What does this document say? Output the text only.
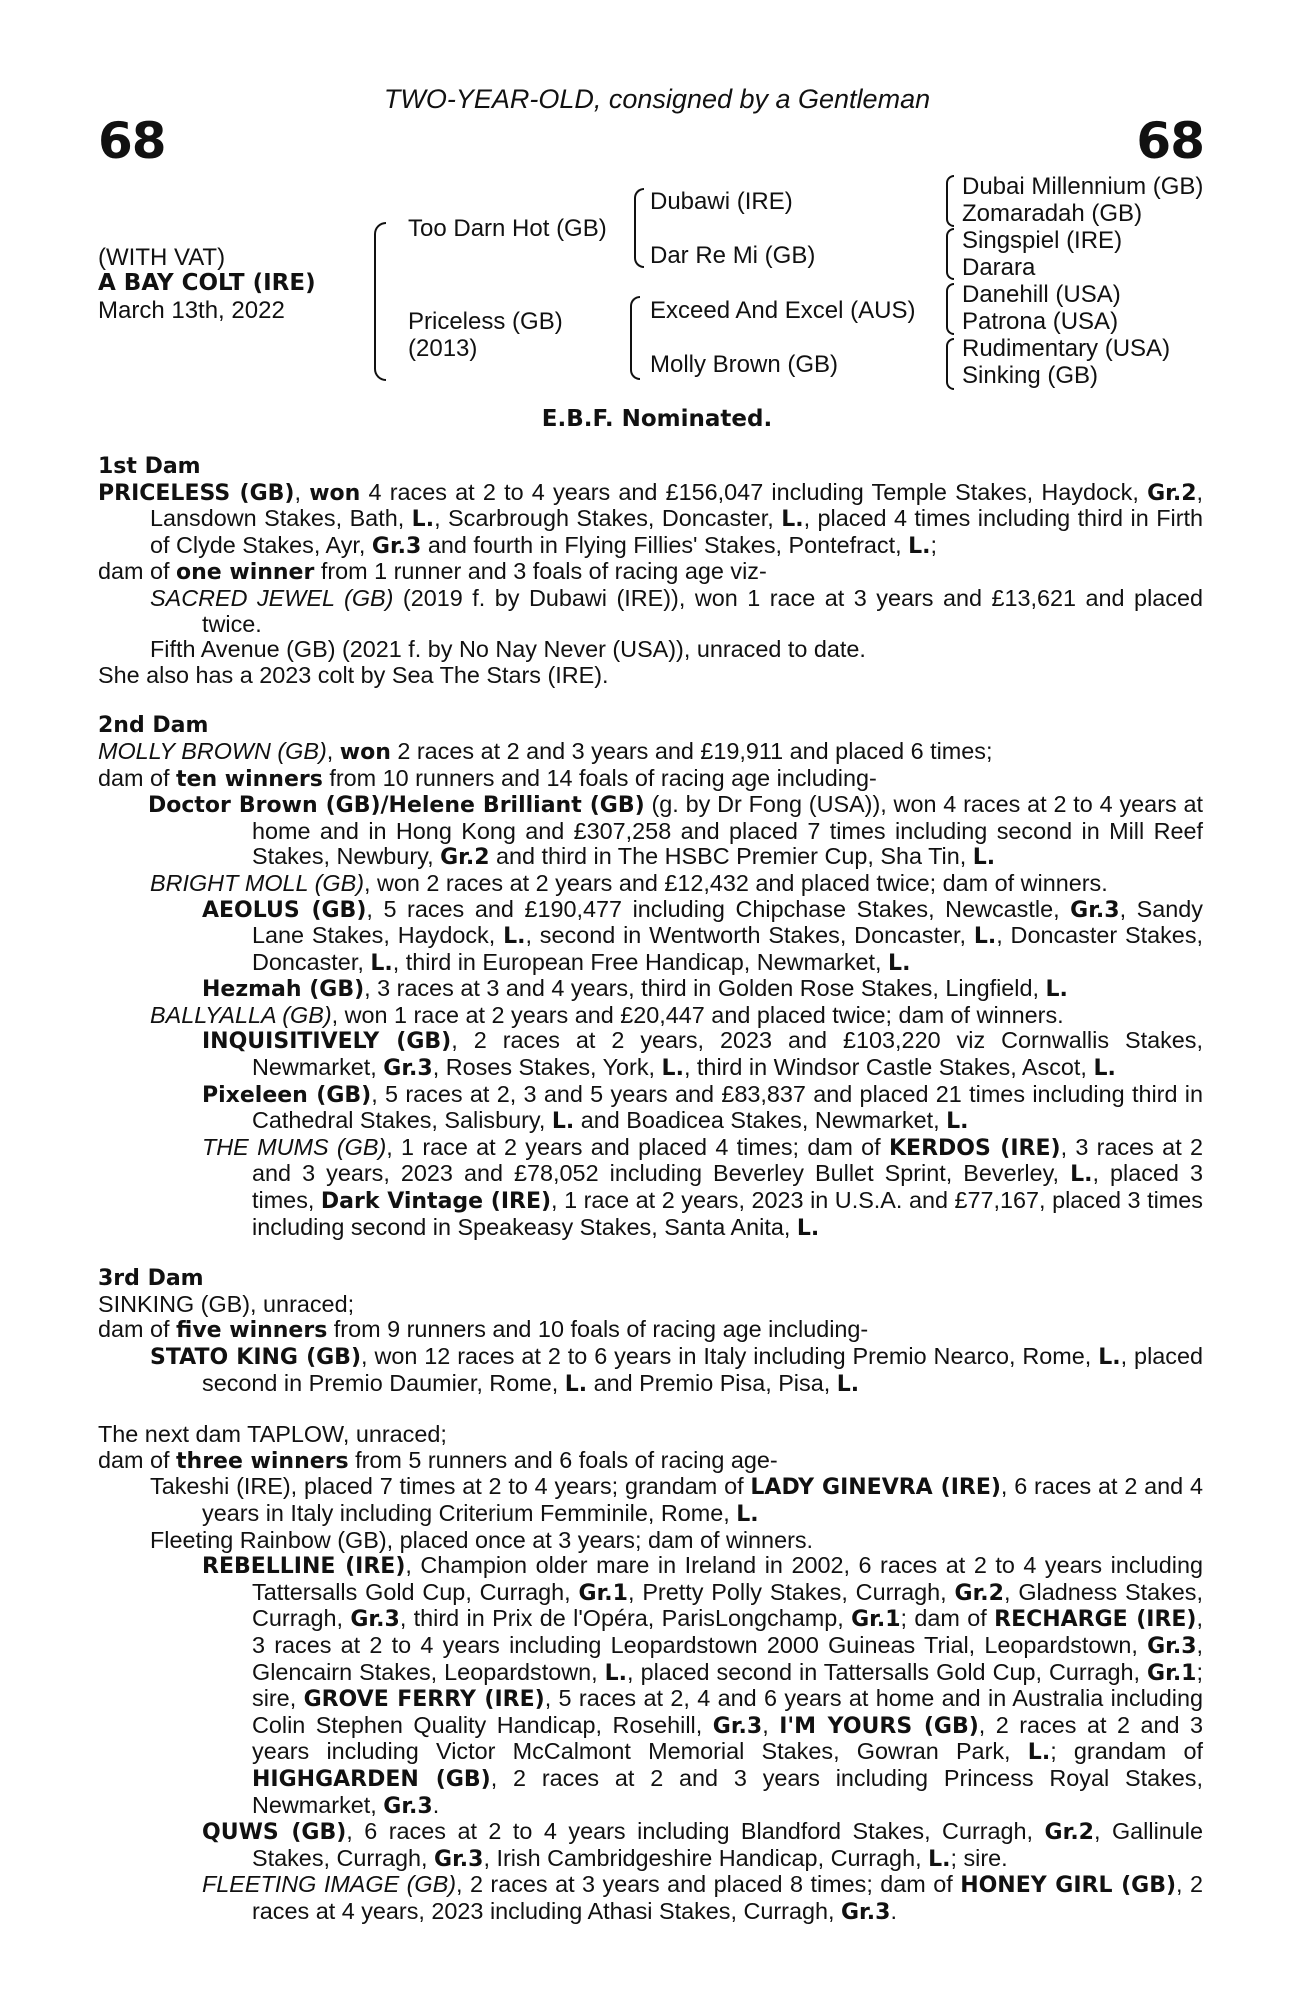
TWO-YEAR-OLD, consigned by a Gentleman
68	68
(WITH VAT)
A BAY COLT (IRE)
March 13th, 2022
Too Darn Hot (GB)
Priceless (GB)
(2013)
Dubawi (IRE)
Dar Re Mi (GB)
Exceed And Excel (AUS)
Molly Brown (GB)
Dubai Millennium (GB)
Zomaradah (GB)
Singspiel (IRE)
Darara
Danehill (USA)
Patrona (USA)
Rudimentary (USA)
Sinking (GB)
E.B.F. Nominated.

1st Dam

PRICELESS (GB), won 4 races at 2 to 4 years and £156,047 including Temple Stakes, Haydock, Gr.2, Lansdown Stakes, Bath, L., Scarbrough Stakes, Doncaster, L., placed 4 times including third in Firth of Clyde Stakes, Ayr, Gr.3 and fourth in Flying Fillies' Stakes, Pontefract, L.;

dam of one winner from 1 runner and 3 foals of racing age viz-

SACRED JEWEL (GB) (2019 f. by Dubawi (IRE)), won 1 race at 3 years and £13,621 and placed twice.

Fifth Avenue (GB) (2021 f. by No Nay Never (USA)), unraced to date.

She also has a 2023 colt by Sea The Stars (IRE).

2nd Dam

MOLLY BROWN (GB), won 2 races at 2 and 3 years and £19,911 and placed 6 times;

dam of ten winners from 10 runners and 14 foals of racing age including-

Doctor Brown (GB)/Helene Brilliant (GB) (g. by Dr Fong (USA)), won 4 races at 2 to 4 years at home and in Hong Kong and £307,258 and placed 7 times including second in Mill Reef Stakes, Newbury, Gr.2 and third in The HSBC Premier Cup, Sha Tin, L.

BRIGHT MOLL (GB), won 2 races at 2 years and £12,432 and placed twice; dam of winners.

AEOLUS (GB), 5 races and £190,477 including Chipchase Stakes, Newcastle, Gr.3, Sandy Lane Stakes, Haydock, L., second in Wentworth Stakes, Doncaster, L., Doncaster Stakes, Doncaster, L., third in European Free Handicap, Newmarket, L.

Hezmah (GB), 3 races at 3 and 4 years, third in Golden Rose Stakes, Lingfield, L.

BALLYALLA (GB), won 1 race at 2 years and £20,447 and placed twice; dam of winners.

INQUISITIVELY (GB), 2 races at 2 years, 2023 and £103,220 viz Cornwallis Stakes, Newmarket, Gr.3, Roses Stakes, York, L., third in Windsor Castle Stakes, Ascot, L.

Pixeleen (GB), 5 races at 2, 3 and 5 years and £83,837 and placed 21 times including third in Cathedral Stakes, Salisbury, L. and Boadicea Stakes, Newmarket, L.

THE MUMS (GB), 1 race at 2 years and placed 4 times; dam of KERDOS (IRE), 3 races at 2 and 3 years, 2023 and £78,052 including Beverley Bullet Sprint, Beverley, L., placed 3 times, Dark Vintage (IRE), 1 race at 2 years, 2023 in U.S.A. and £77,167, placed 3 times including second in Speakeasy Stakes, Santa Anita, L.

3rd Dam

SINKING (GB), unraced;

dam of five winners from 9 runners and 10 foals of racing age including-

STATO KING (GB), won 12 races at 2 to 6 years in Italy including Premio Nearco, Rome, L., placed second in Premio Daumier, Rome, L. and Premio Pisa, Pisa, L.

The next dam TAPLOW, unraced;

dam of three winners from 5 runners and 6 foals of racing age-

Takeshi (IRE), placed 7 times at 2 to 4 years; grandam of LADY GINEVRA (IRE), 6 races at 2 and 4 years in Italy including Criterium Femminile, Rome, L.

Fleeting Rainbow (GB), placed once at 3 years; dam of winners.

REBELLINE (IRE), Champion older mare in Ireland in 2002, 6 races at 2 to 4 years including Tattersalls Gold Cup, Curragh, Gr.1, Pretty Polly Stakes, Curragh, Gr.2, Gladness Stakes, Curragh, Gr.3, third in Prix de l'Opéra, ParisLongchamp, Gr.1; dam of RECHARGE (IRE), 3 races at 2 to 4 years including Leopardstown 2000 Guineas Trial, Leopardstown, Gr.3, Glencairn Stakes, Leopardstown, L., placed second in Tattersalls Gold Cup, Curragh, Gr.1; sire, GROVE FERRY (IRE), 5 races at 2, 4 and 6 years at home and in Australia including Colin Stephen Quality Handicap, Rosehill, Gr.3, I'M YOURS (GB), 2 races at 2 and 3 years including Victor McCalmont Memorial Stakes, Gowran Park, L.; grandam of HIGHGARDEN (GB), 2 races at 2 and 3 years including Princess Royal Stakes, Newmarket, Gr.3.

QUWS (GB), 6 races at 2 to 4 years including Blandford Stakes, Curragh, Gr.2, Gallinule Stakes, Curragh, Gr.3, Irish Cambridgeshire Handicap, Curragh, L.; sire.

FLEETING IMAGE (GB), 2 races at 3 years and placed 8 times; dam of HONEY GIRL (GB), 2 races at 4 years, 2023 including Athasi Stakes, Curragh, Gr.3.
